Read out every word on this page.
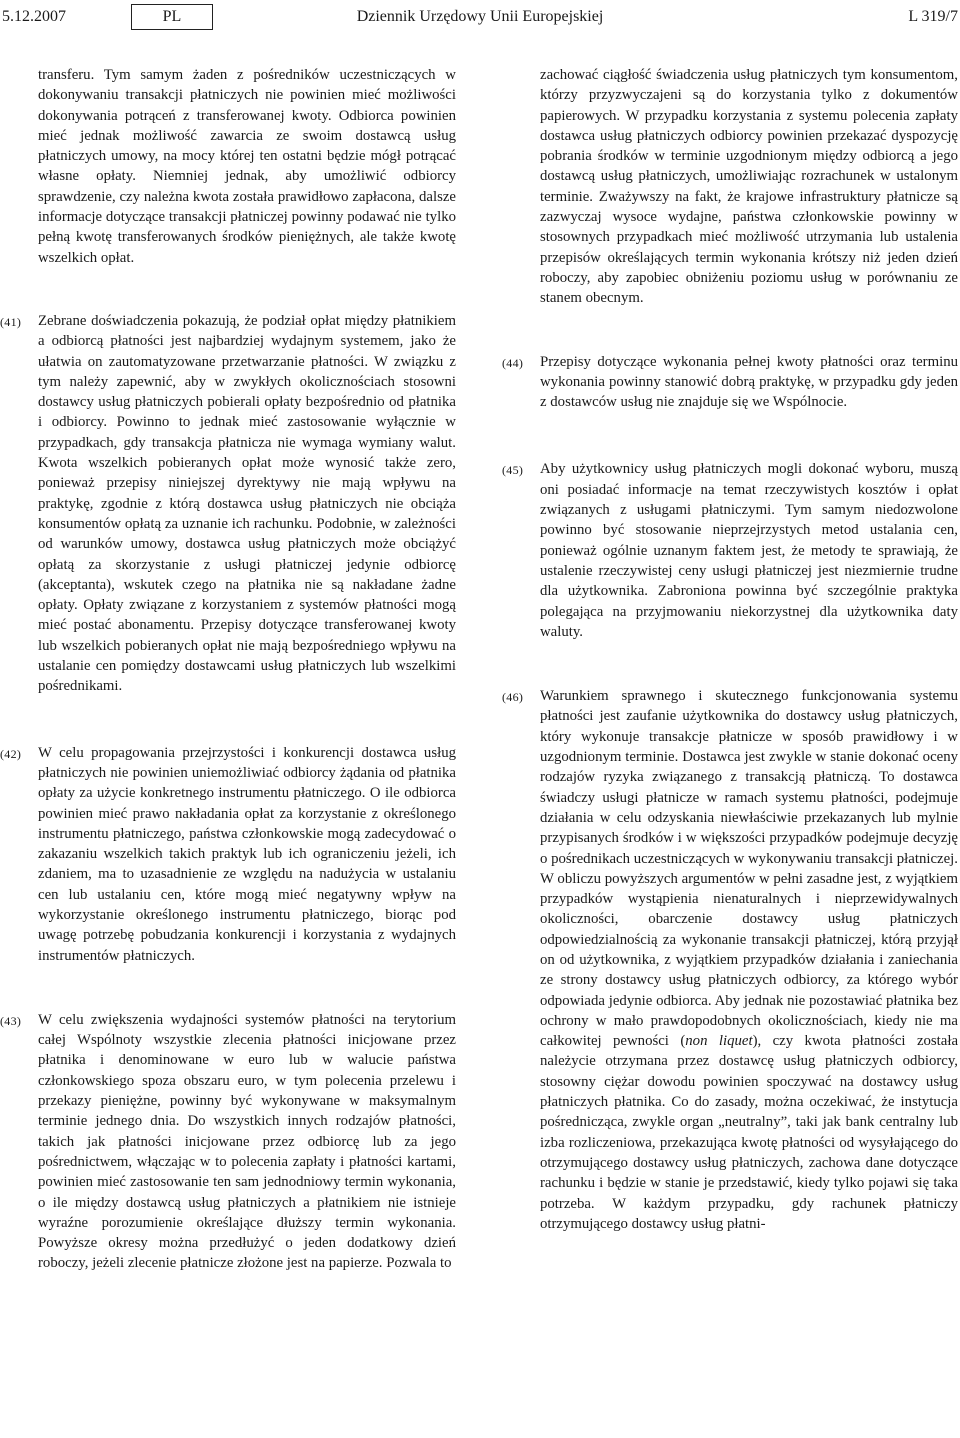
5.12.2007	PL	Dziennik Urzędowy Unii Europejskiej	L 319/7

transferu. Tym samym żaden z pośredników uczestniczących w dokonywaniu transakcji płatniczych nie powinien mieć możliwości dokonywania potrąceń z transferowanej kwoty. Odbiorca powinien mieć jednak możliwość zawarcia ze swoim dostawcą usług płatniczych umowy, na mocy której ten ostatni będzie mógł potrącać własne opłaty. Niemniej jednak, aby umożliwić odbiorcy sprawdzenie, czy należna kwota została prawidłowo zapłacona, dalsze informacje dotyczące transakcji płatniczej powinny podawać nie tylko pełną kwotę transferowanych środków pieniężnych, ale także kwotę wszelkich opłat.

(41)	Zebrane doświadczenia pokazują, że podział opłat między płatnikiem a odbiorcą płatności jest najbardziej wydajnym systemem, jako że ułatwia on zautomatyzowane przetwarzanie płatności. W związku z tym należy zapewnić, aby w zwykłych okolicznościach stosowni dostawcy usług płatniczych pobierali opłaty bezpośrednio od płatnika i odbiorcy. Powinno to jednak mieć zastosowanie wyłącznie w przypadkach, gdy transakcja płatnicza nie wymaga wymiany walut. Kwota wszelkich pobieranych opłat może wynosić także zero, ponieważ przepisy niniejszej dyrektywy nie mają wpływu na praktykę, zgodnie z którą dostawca usług płatniczych nie obciąża konsumentów opłatą za uznanie ich rachunku. Podobnie, w zależności od warunków umowy, dostawca usług płatniczych może obciążyć opłatą za skorzystanie z usługi płatniczej jedynie odbiorcę (akceptanta), wskutek czego na płatnika nie są nakładane żadne opłaty. Opłaty związane z korzystaniem z systemów płatności mogą mieć postać abonamentu. Przepisy dotyczące transferowanej kwoty lub wszelkich pobieranych opłat nie mają bezpośredniego wpływu na ustalanie cen pomiędzy dostawcami usług płatniczych lub wszelkimi pośrednikami.

(42)	W celu propagowania przejrzystości i konkurencji dostawca usług płatniczych nie powinien uniemożliwiać odbiorcy żądania od płatnika opłaty za użycie konkretnego instrumentu płatniczego. O ile odbiorca powinien mieć prawo nakładania opłat za korzystanie z określonego instrumentu płatniczego, państwa członkowskie mogą zadecydować o zakazaniu wszelkich takich praktyk lub ich ograniczeniu jeżeli, ich zdaniem, ma to uzasadnienie ze względu na nadużycia w ustalaniu cen lub ustalaniu cen, które mogą mieć negatywny wpływ na wykorzystanie określonego instrumentu płatniczego, biorąc pod uwagę potrzebę pobudzania konkurencji i korzystania z wydajnych instrumentów płatniczych.

(43)	W celu zwiększenia wydajności systemów płatności na terytorium całej Wspólnoty wszystkie zlecenia płatności inicjowane przez płatnika i denominowane w euro lub w walucie państwa członkowskiego spoza obszaru euro, w tym polecenia przelewu i przekazy pieniężne, powinny być wykonywane w maksymalnym terminie jednego dnia. Do wszystkich innych rodzajów płatności, takich jak płatności inicjowane przez odbiorcę lub za jego pośrednictwem, włączając w to polecenia zapłaty i płatności kartami, powinien mieć zastosowanie ten sam jednodniowy termin wykonania, o ile między dostawcą usług płatniczych a płatnikiem nie istnieje wyraźne porozumienie określające dłuższy termin wykonania. Powyższe okresy można przedłużyć o jeden dodatkowy dzień roboczy, jeżeli zlecenie płatnicze złożone jest na papierze. Pozwala to

zachować ciągłość świadczenia usług płatniczych tym konsumentom, którzy przyzwyczajeni są do korzystania tylko z dokumentów papierowych. W przypadku korzystania z systemu polecenia zapłaty dostawca usług płatniczych odbiorcy powinien przekazać dyspozycję pobrania środków w terminie uzgodnionym między odbiorcą a jego dostawcą usług płatniczych, umożliwiając rozrachunek w ustalonym terminie. Zważywszy na fakt, że krajowe infrastruktury płatnicze są zazwyczaj wysoce wydajne, państwa członkowskie powinny w stosownych przypadkach mieć możliwość utrzymania lub ustalenia przepisów określających termin wykonania krótszy niż jeden dzień roboczy, aby zapobiec obniżeniu poziomu usług w porównaniu ze stanem obecnym.

(44)	Przepisy dotyczące wykonania pełnej kwoty płatności oraz terminu wykonania powinny stanowić dobrą praktykę, w przypadku gdy jeden z dostawców usług nie znajduje się we Wspólnocie.

(45)	Aby użytkownicy usług płatniczych mogli dokonać wyboru, muszą oni posiadać informacje na temat rzeczywistych kosztów i opłat związanych z usługami płatniczymi. Tym samym niedozwolone powinno być stosowanie nieprzejrzystych metod ustalania cen, ponieważ ogólnie uznanym faktem jest, że metody te sprawiają, że ustalenie rzeczywistej ceny usługi płatniczej jest niezmiernie trudne dla użytkownika. Zabroniona powinna być szczególnie praktyka polegająca na przyjmowaniu niekorzystnej dla użytkownika daty waluty.

(46)	Warunkiem sprawnego i skutecznego funkcjonowania systemu płatności jest zaufanie użytkownika do dostawcy usług płatniczych, który wykonuje transakcje płatnicze w sposób prawidłowy i w uzgodnionym terminie. Dostawca jest zwykle w stanie dokonać oceny rodzajów ryzyka związanego z transakcją płatniczą. To dostawca świadczy usługi płatnicze w ramach systemu płatności, podejmuje działania w celu odzyskania niewłaściwie przekazanych lub mylnie przypisanych środków i w większości przypadków podejmuje decyzję o pośrednikach uczestniczących w wykonywaniu transakcji płatniczej. W obliczu powyższych argumentów w pełni zasadne jest, z wyjątkiem przypadków wystąpienia nienaturalnych i nieprzewidywalnych okoliczności, obarczenie dostawcy usług płatniczych odpowiedzialnością za wykonanie transakcji płatniczej, którą przyjął on od użytkownika, z wyjątkiem przypadków działania i zaniechania ze strony dostawcy usług płatniczych odbiorcy, za którego wybór odpowiada jedynie odbiorca. Aby jednak nie pozostawiać płatnika bez ochrony w mało prawdopodobnych okolicznościach, kiedy nie ma całkowitej pewności (non liquet), czy kwota płatności została należycie otrzymana przez dostawcę usług płatniczych odbiorcy, stosowny ciężar dowodu powinien spoczywać na dostawcy usług płatniczych płatnika. Co do zasady, można oczekiwać, że instytucja pośrednicząca, zwykle organ „neutralny”, taki jak bank centralny lub izba rozliczeniowa, przekazująca kwotę płatności od wysyłającego do otrzymującego dostawcy usług płatniczych, zachowa dane dotyczące rachunku i będzie w stanie je przedstawić, kiedy tylko pojawi się taka potrzeba. W każdym przypadku, gdy rachunek płatniczy otrzymującego dostawcy usług płatni-
